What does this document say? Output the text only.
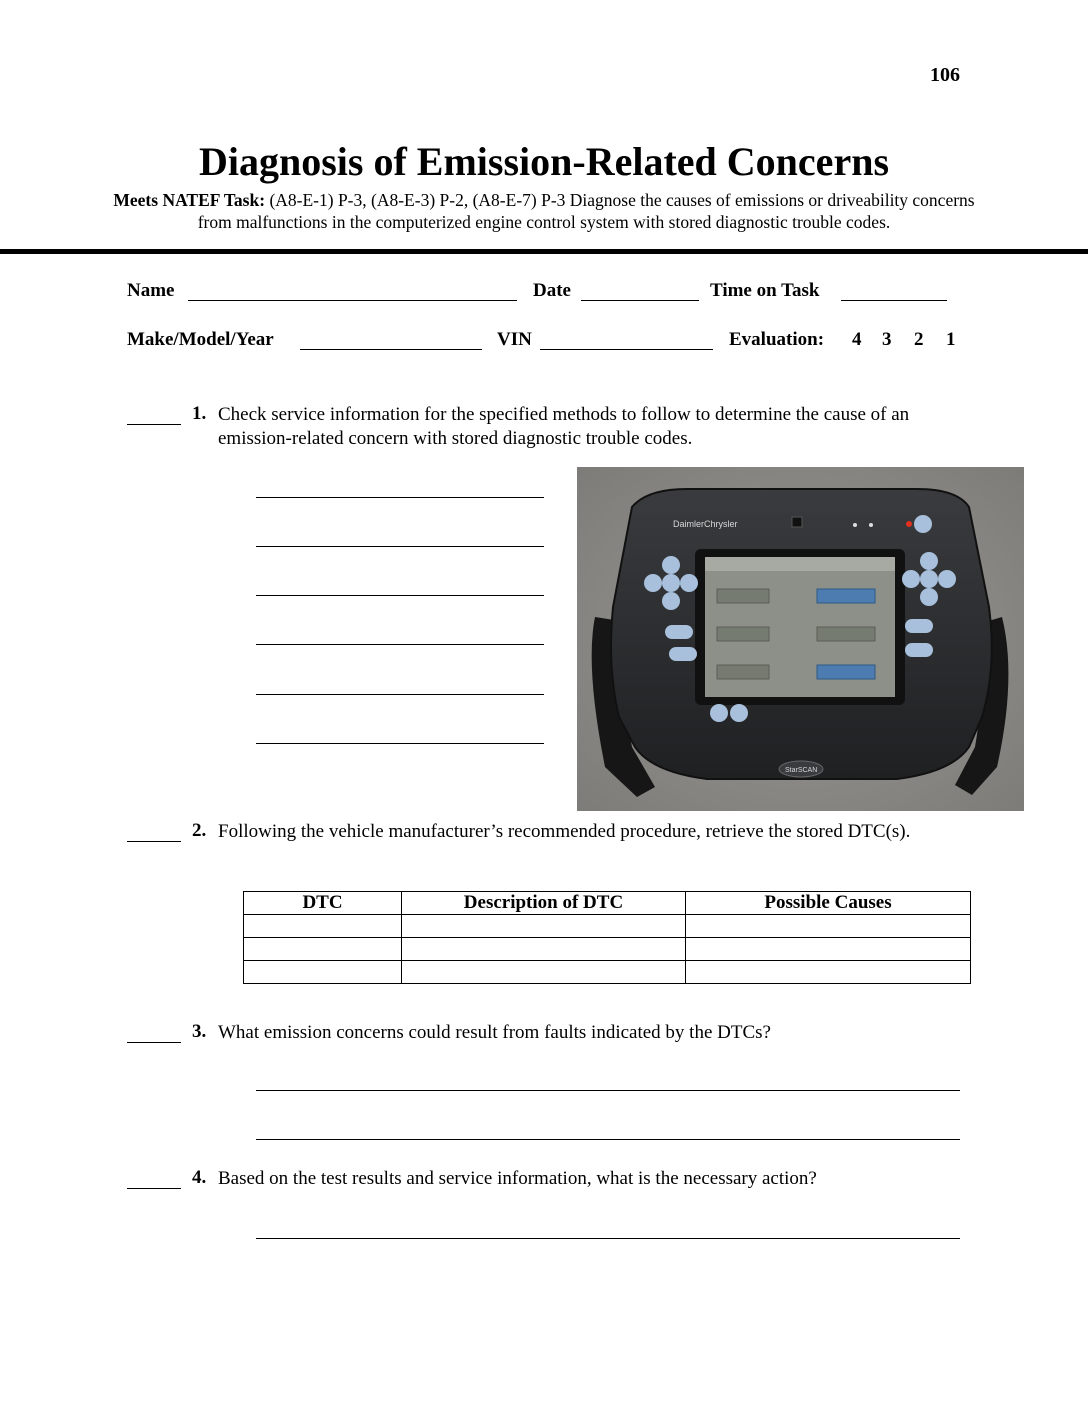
106
Diagnosis of Emission-Related Concerns
Meets NATEF Task: (A8-E-1) P-3, (A8-E-3) P-2, (A8-E-7) P-3 Diagnose the causes of emissions or driveability concerns from malfunctions in the computerized engine control system with stored diagnostic trouble codes.
Name	Date	Time on Task
Make/Model/Year	VIN	Evaluation: 4 3 2 1
1. Check service information for the specified methods to follow to determine the cause of an emission-related concern with stored diagnostic trouble codes.
DaimlerChrysler
StarSCAN
2. Following the vehicle manufacturer’s recommended procedure, retrieve the stored DTC(s).
DTC	Description of DTC	Possible Causes

3. What emission concerns could result from faults indicated by the DTCs?
4. Based on the test results and service information, what is the necessary action?
